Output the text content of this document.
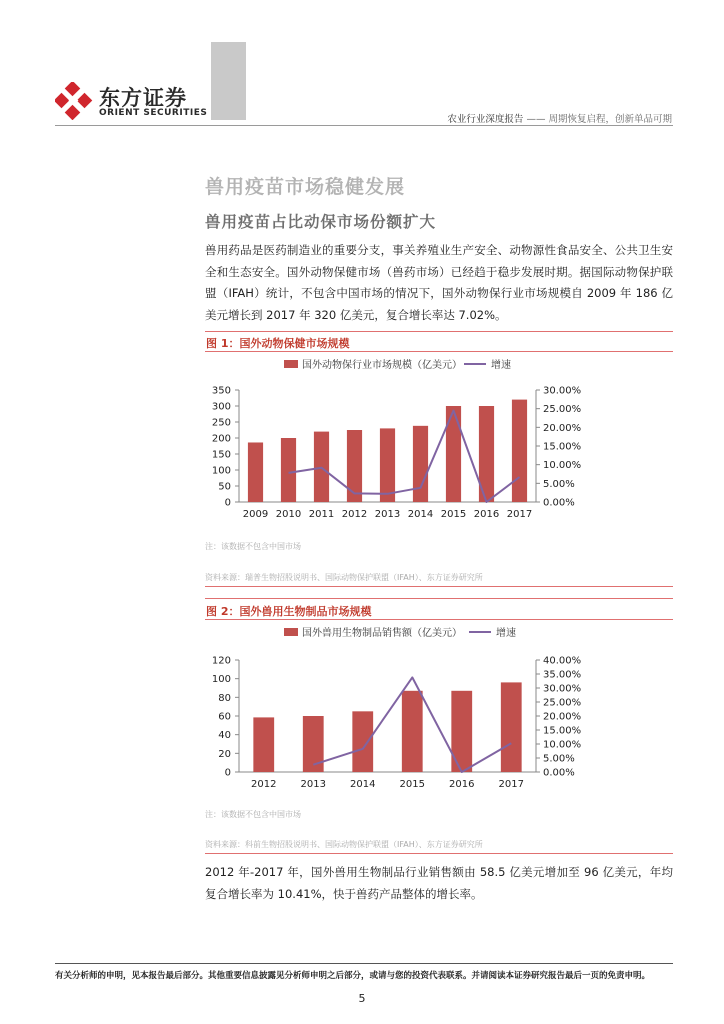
东方证券
ORIENT SECURITIES
农业行业深度报告 —— 周期恢复启程，创新单品可期
兽用疫苗市场稳健发展
兽用疫苗占比动保市场份额扩大
兽用药品是医药制造业的重要分支，事关养殖业生产安全、动物源性食品安全、公共卫生安全和生态安全。国外动物保健市场（兽药市场）已经趋于稳步发展时期。据国际动物保护联盟（IFAH）统计，不包含中国市场的情况下，国外动物保行业市场规模自 2009 年 186 亿美元增长到 2017 年 320 亿美元，复合增长率达 7.02%。
图 1：国外动物保健市场规模
国外动物保行业市场规模（亿美元）	增速
0
50
100
150
200
250
300
350
0.00%
5.00%
10.00%
15.00%
20.00%
25.00%
30.00%
2009 2010 2011 2012 2013 2014 2015 2016 2017
注：该数据不包含中国市场
资料来源：瑞普生物招股说明书、国际动物保护联盟（IFAH）、东方证券研究所
图 2：国外兽用生物制品市场规模
国外兽用生物制品销售额（亿美元）	增速
0
20
40
60
80
100
120
0.00%
5.00%
10.00%
15.00%
20.00%
25.00%
30.00%
35.00%
40.00%
2012 2013 2014 2015 2016 2017
注：该数据不包含中国市场
资料来源：科前生物招股说明书、国际动物保护联盟（IFAH）、东方证券研究所
2012 年-2017 年，国外兽用生物制品行业销售额由 58.5 亿美元增加至 96 亿美元，年均复合增长率为 10.41%，快于兽药产品整体的增长率。
有关分析师的申明，见本报告最后部分。其他重要信息披露见分析师申明之后部分，或请与您的投资代表联系。并请阅读本证券研究报告最后一页的免责申明。
5
